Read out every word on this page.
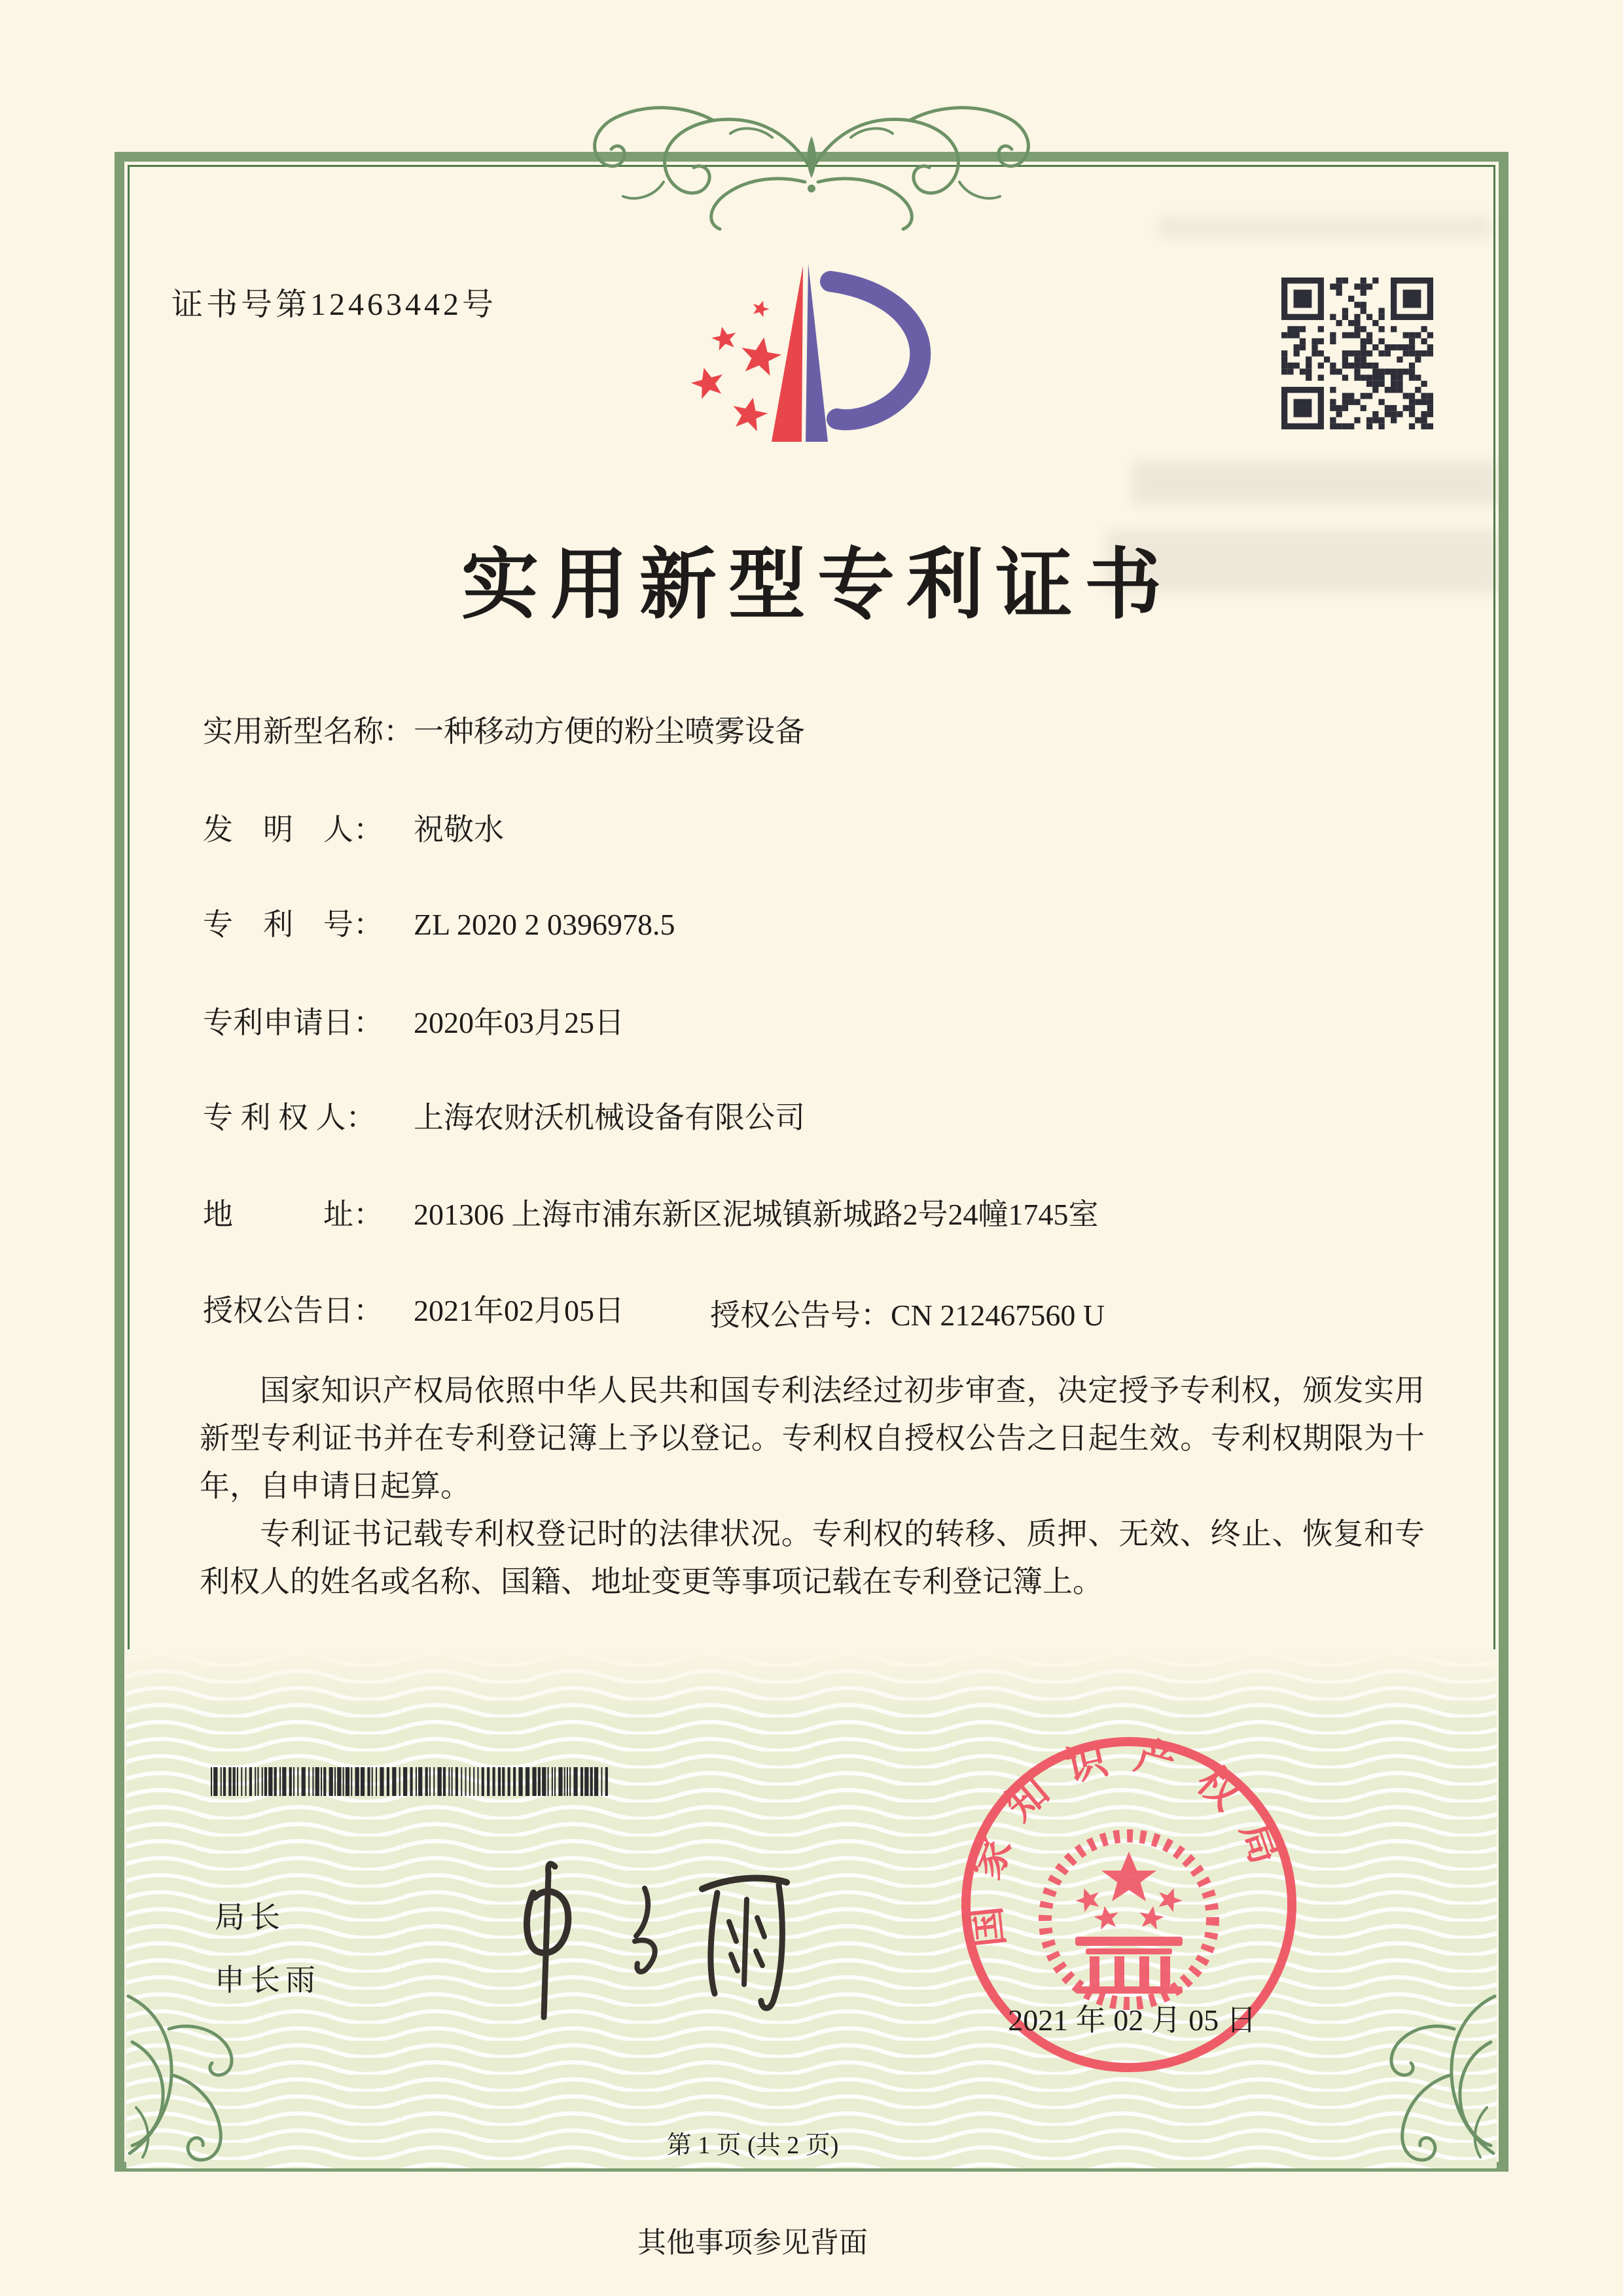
证书号第12463442号
实用新型专利证书
实用新型名称：一种移动方便的粉尘喷雾设备
发　明　人： 祝敬水
专　利　号： ZL 2020 2 0396978.5
专利申请日： 2020年03月25日
专 利 权 人： 上海农财沃机械设备有限公司
地　　　址： 201306 上海市浦东新区泥城镇新城路2号24幢1745室
授权公告日： 2021年02月05日	授权公告号：CN 212467560 U

国家知识产权局依照中华人民共和国专利法经过初步审查，决定授予专利权，颁发实用新型专利证书并在专利登记簿上予以登记。专利权自授权公告之日起生效。专利权期限为十年，自申请日起算。

专利证书记载专利权登记时的法律状况。专利权的转移、质押、无效、终止、恢复和专利权人的姓名或名称、国籍、地址变更等事项记载在专利登记簿上。

局长
申长雨
国家知识产权局
2021 年 02 月 05 日
第 1 页 (共 2 页)
其他事项参见背面
